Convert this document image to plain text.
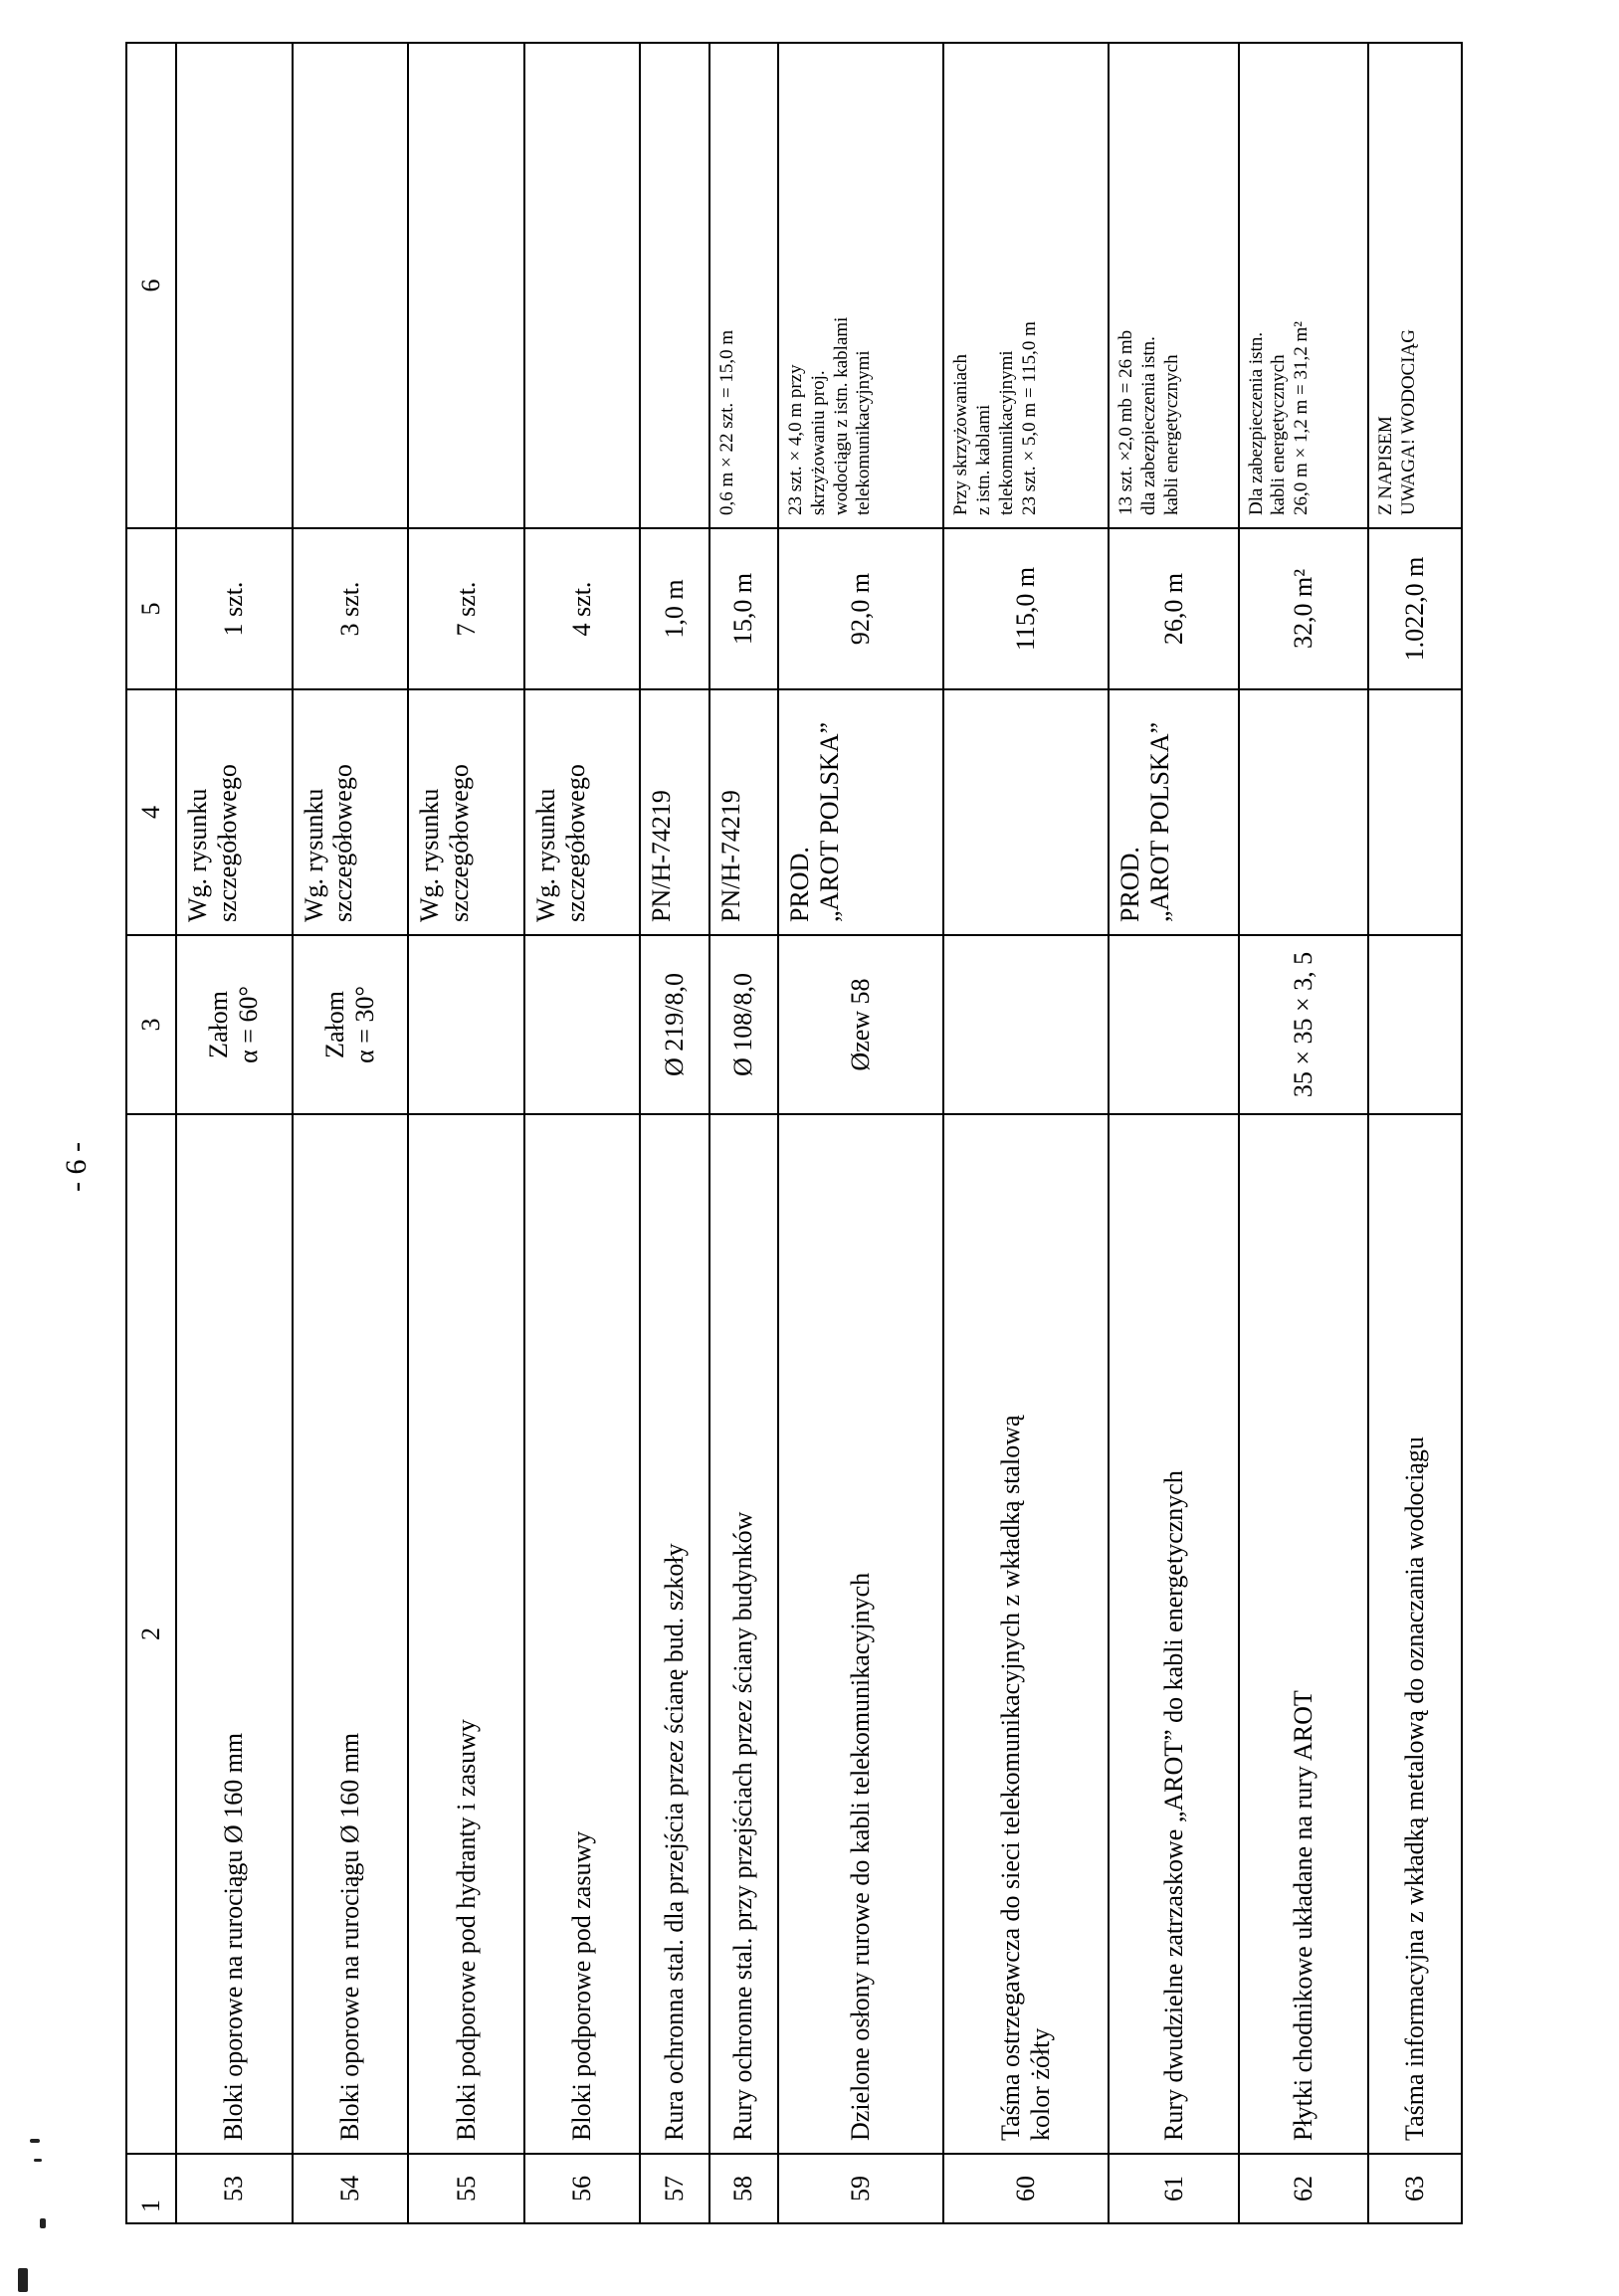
- 6 -
1	2	3	4	5	6
53	Bloki oporowe na rurociągu Ø 160 mm	Załom
α = 60°	Wg. rysunku
szczegółowego	1 szt.	
54	Bloki oporowe na rurociągu Ø 160 mm	Załom
α = 30°	Wg. rysunku
szczegółowego	3 szt.	
55	Bloki podporowe pod hydranty i zasuwy		Wg. rysunku
szczegółowego	7 szt.	
56	Bloki podporowe pod zasuwy		Wg. rysunku
szczegółowego	4 szt.	
57	Rura ochronna stal. dla przejścia przez ścianę bud. szkoły	Ø 219/8,0	PN/H-74219	1,0 m	
58	Rury ochronne stal. przy przejściach przez ściany budynków	Ø 108/8,0	PN/H-74219	15,0 m	0,6 m × 22 szt. = 15,0 m
59	Dzielone osłony rurowe do kabli telekomunikacyjnych	Øzew 58	PROD.
„AROT POLSKA”	92,0 m	23 szt. × 4,0 m przy
skrzyżowaniu proj.
wodociągu z istn. kablami
telekomunikacyjnymi
60	Taśma ostrzegawcza do sieci telekomunikacyjnych z wkładką stalową
kolor żółty			115,0 m	Przy skrzyżowaniach
z istn. kablami
telekomunikacyjnymi
23 szt. × 5,0 m = 115,0 m
61	Rury dwudzielne zatrzaskowe „AROT” do kabli energetycznych		PROD.
„AROT POLSKA”	26,0 m	13 szt. ×2,0 mb = 26 mb
dla zabezpieczenia istn.
kabli energetycznych
62	Płytki chodnikowe układane na rury AROT	35 × 35 × 3, 5		32,0 m²	Dla zabezpieczenia istn.
kabli energetycznych
26,0 m × 1,2 m = 31,2 m²
63	Taśma informacyjna z wkładką metalową do oznaczania wodociągu			1.022,0 m	Z NAPISEM
UWAGA! WODOCIĄG
